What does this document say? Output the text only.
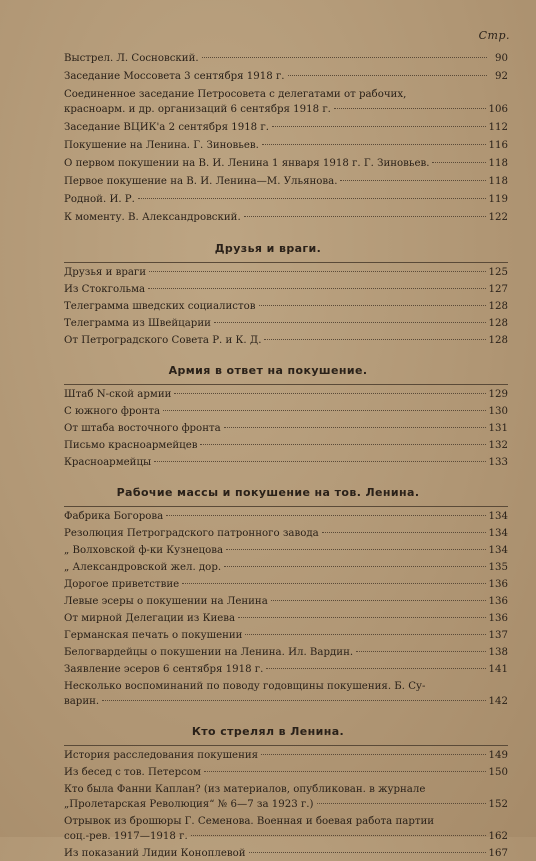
Стр.
Выстрел. Л. Сосновский.	90
Заседание Моссовета 3 сентября 1918 г.	92
Соединенное заседание Петросовета с делегатами от рабочих,
красноарм. и др. организаций 6 сентября 1918 г.	106
Заседание ВЦИК'а 2 сентября 1918 г.	112
Покушение на Ленина. Г. Зиновьев.	116
О первом покушении на В. И. Ленина 1 января 1918 г. Г. Зиновьев.	118
Первое покушение на В. И. Ленина—М. Ульянова.	118
Родной. И. Р.	119
К моменту. В. Александровский.	122
Друзья и враги.
Друзья и враги	125
Из Стокгольма	127
Телеграмма шведских социалистов	128
Телеграмма из Швейцарии	128
От Петроградского Совета Р. и К. Д.	128
Армия в ответ на покушение.
Штаб N-ской армии	129
С южного фронта	130
От штаба восточного фронта	131
Письмо красноармейцев	132
Красноармейцы	133
Рабочие массы и покушение на тов. Ленина.
Фабрика Богорова	134
Резолюция Петроградского патронного завода	134
„ Волховской ф-ки Кузнецова	134
„ Александровской жел. дор.	135
Дорогое приветствие	136
Левые эсеры о покушении на Ленина	136
От мирной Делегации из Киева	136
Германская печать о покушении	137
Белогвардейцы о покушении на Ленина. Ил. Вардин.	138
Заявление эсеров 6 сентября 1918 г.	141
Несколько воспоминаний по поводу годовщины покушения. Б. Су-
варин.	142
Кто стрелял в Ленина.
История расследования покушения	149
Из бесед с тов. Петерсом	150
Кто была Фанни Каплан? (из материалов, опубликован. в журнале
„Пролетарская Революция“ № 6—7 за 1923 г.)	152
Отрывок из брошюры Г. Семенова. Военная и боевая работа партии
соц.-рев. 1917—1918 г.	162
Из показаний Лидии Коноплевой	167
